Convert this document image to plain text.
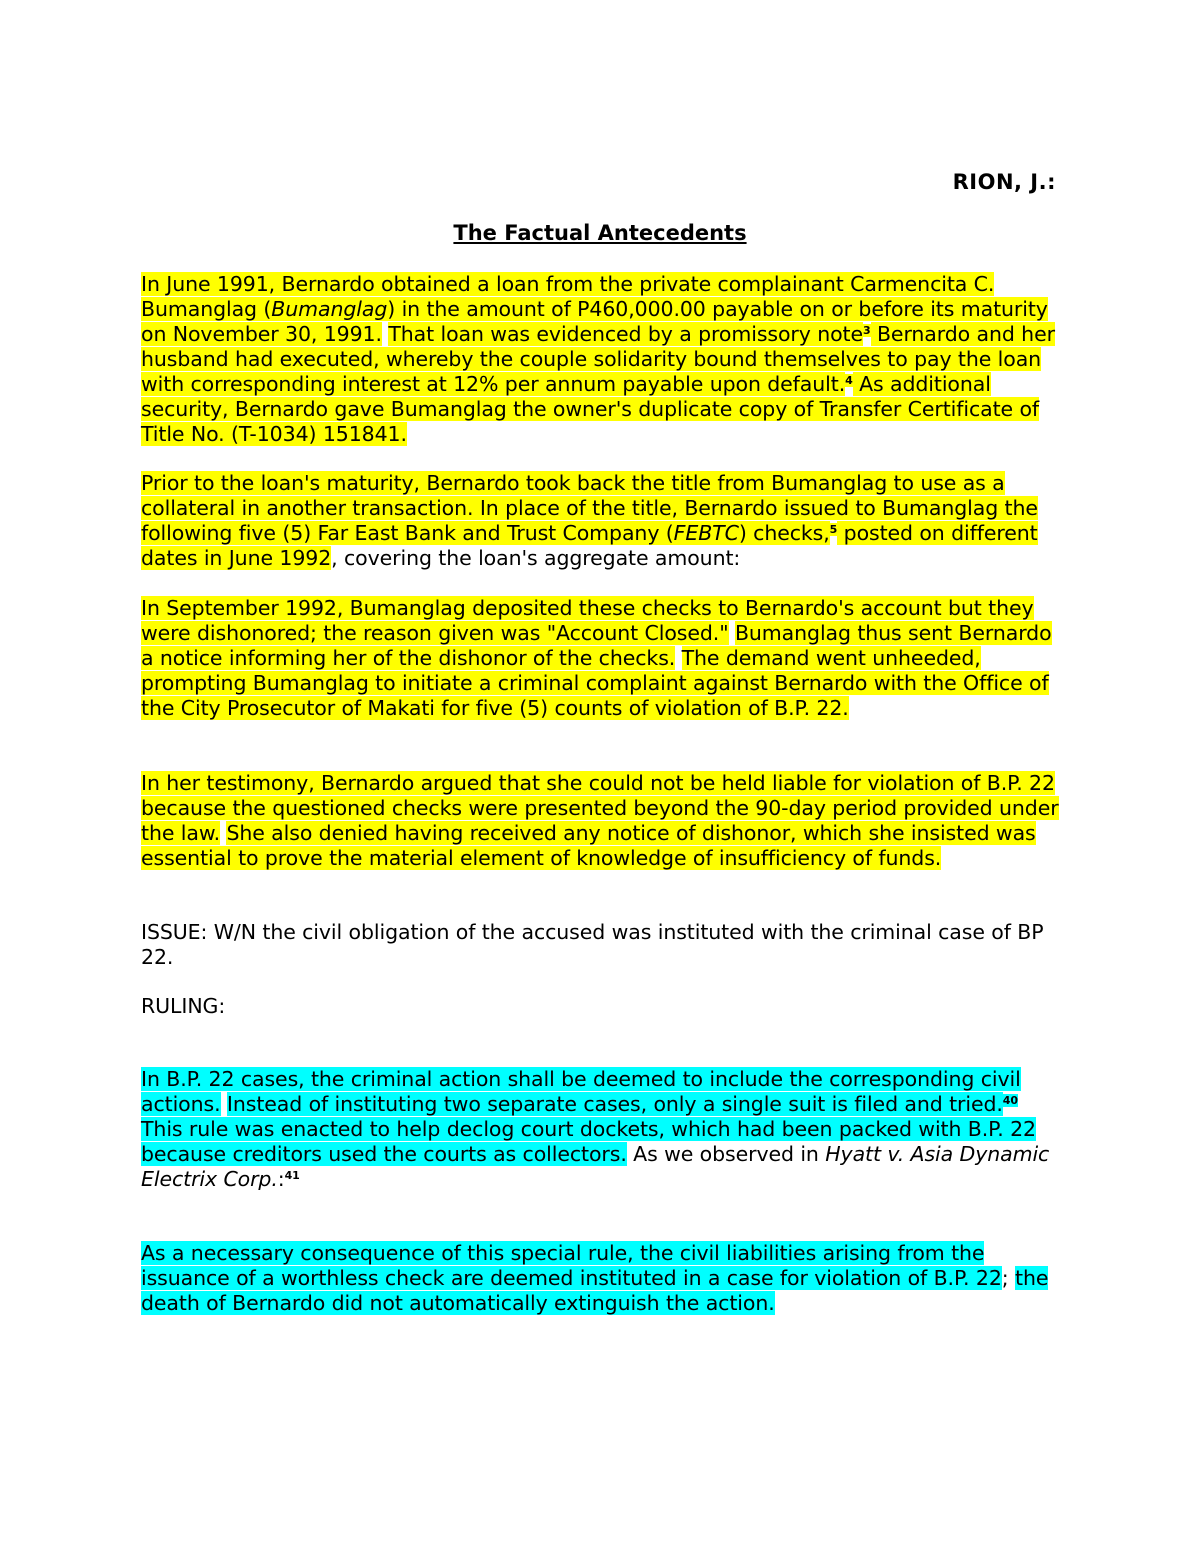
RION, J.:
The Factual Antecedents
In June 1991, Bernardo obtained a loan from the private complainant Carmencita C. Bumanglag (Bumanglag) in the amount of P460,000.00 payable on or before its maturity on November 30, 1991. That loan was evidenced by a promissory note$^3$ Bernardo and her husband had executed, whereby the couple solidarity bound themselves to pay the loan with corresponding interest at 12% per annum payable upon default.$^4$ As additional security, Bernardo gave Bumanglag the owner's duplicate copy of Transfer Certificate of Title No. (T-1034) 151841.
Prior to the loan's maturity, Bernardo took back the title from Bumanglag to use as a collateral in another transaction. In place of the title, Bernardo issued to Bumanglag the following five (5) Far East Bank and Trust Company (FEBTC) checks,$^5$ posted on different dates in June 1992, covering the loan's aggregate amount:
In September 1992, Bumanglag deposited these checks to Bernardo's account but they were dishonored; the reason given was "Account Closed." Bumanglag thus sent Bernardo a notice informing her of the dishonor of the checks. The demand went unheeded, prompting Bumanglag to initiate a criminal complaint against Bernardo with the Office of the City Prosecutor of Makati for five (5) counts of violation of B.P. 22.
In her testimony, Bernardo argued that she could not be held liable for violation of B.P. 22 because the questioned checks were presented beyond the 90-day period provided under the law. She also denied having received any notice of dishonor, which she insisted was essential to prove the material element of knowledge of insufficiency of funds.
ISSUE: W/N the civil obligation of the accused was instituted with the criminal case of BP 22.
RULING:
In B.P. 22 cases, the criminal action shall be deemed to include the corresponding civil actions. Instead of instituting two separate cases, only a single suit is filed and tried.$^{40}$ This rule was enacted to help declog court dockets, which had been packed with B.P. 22 because creditors used the courts as collectors. As we observed in Hyatt v. Asia Dynamic Electrix Corp.:$^{41}$
As a necessary consequence of this special rule, the civil liabilities arising from the issuance of a worthless check are deemed instituted in a case for violation of B.P. 22; the death of Bernardo did not automatically extinguish the action.
